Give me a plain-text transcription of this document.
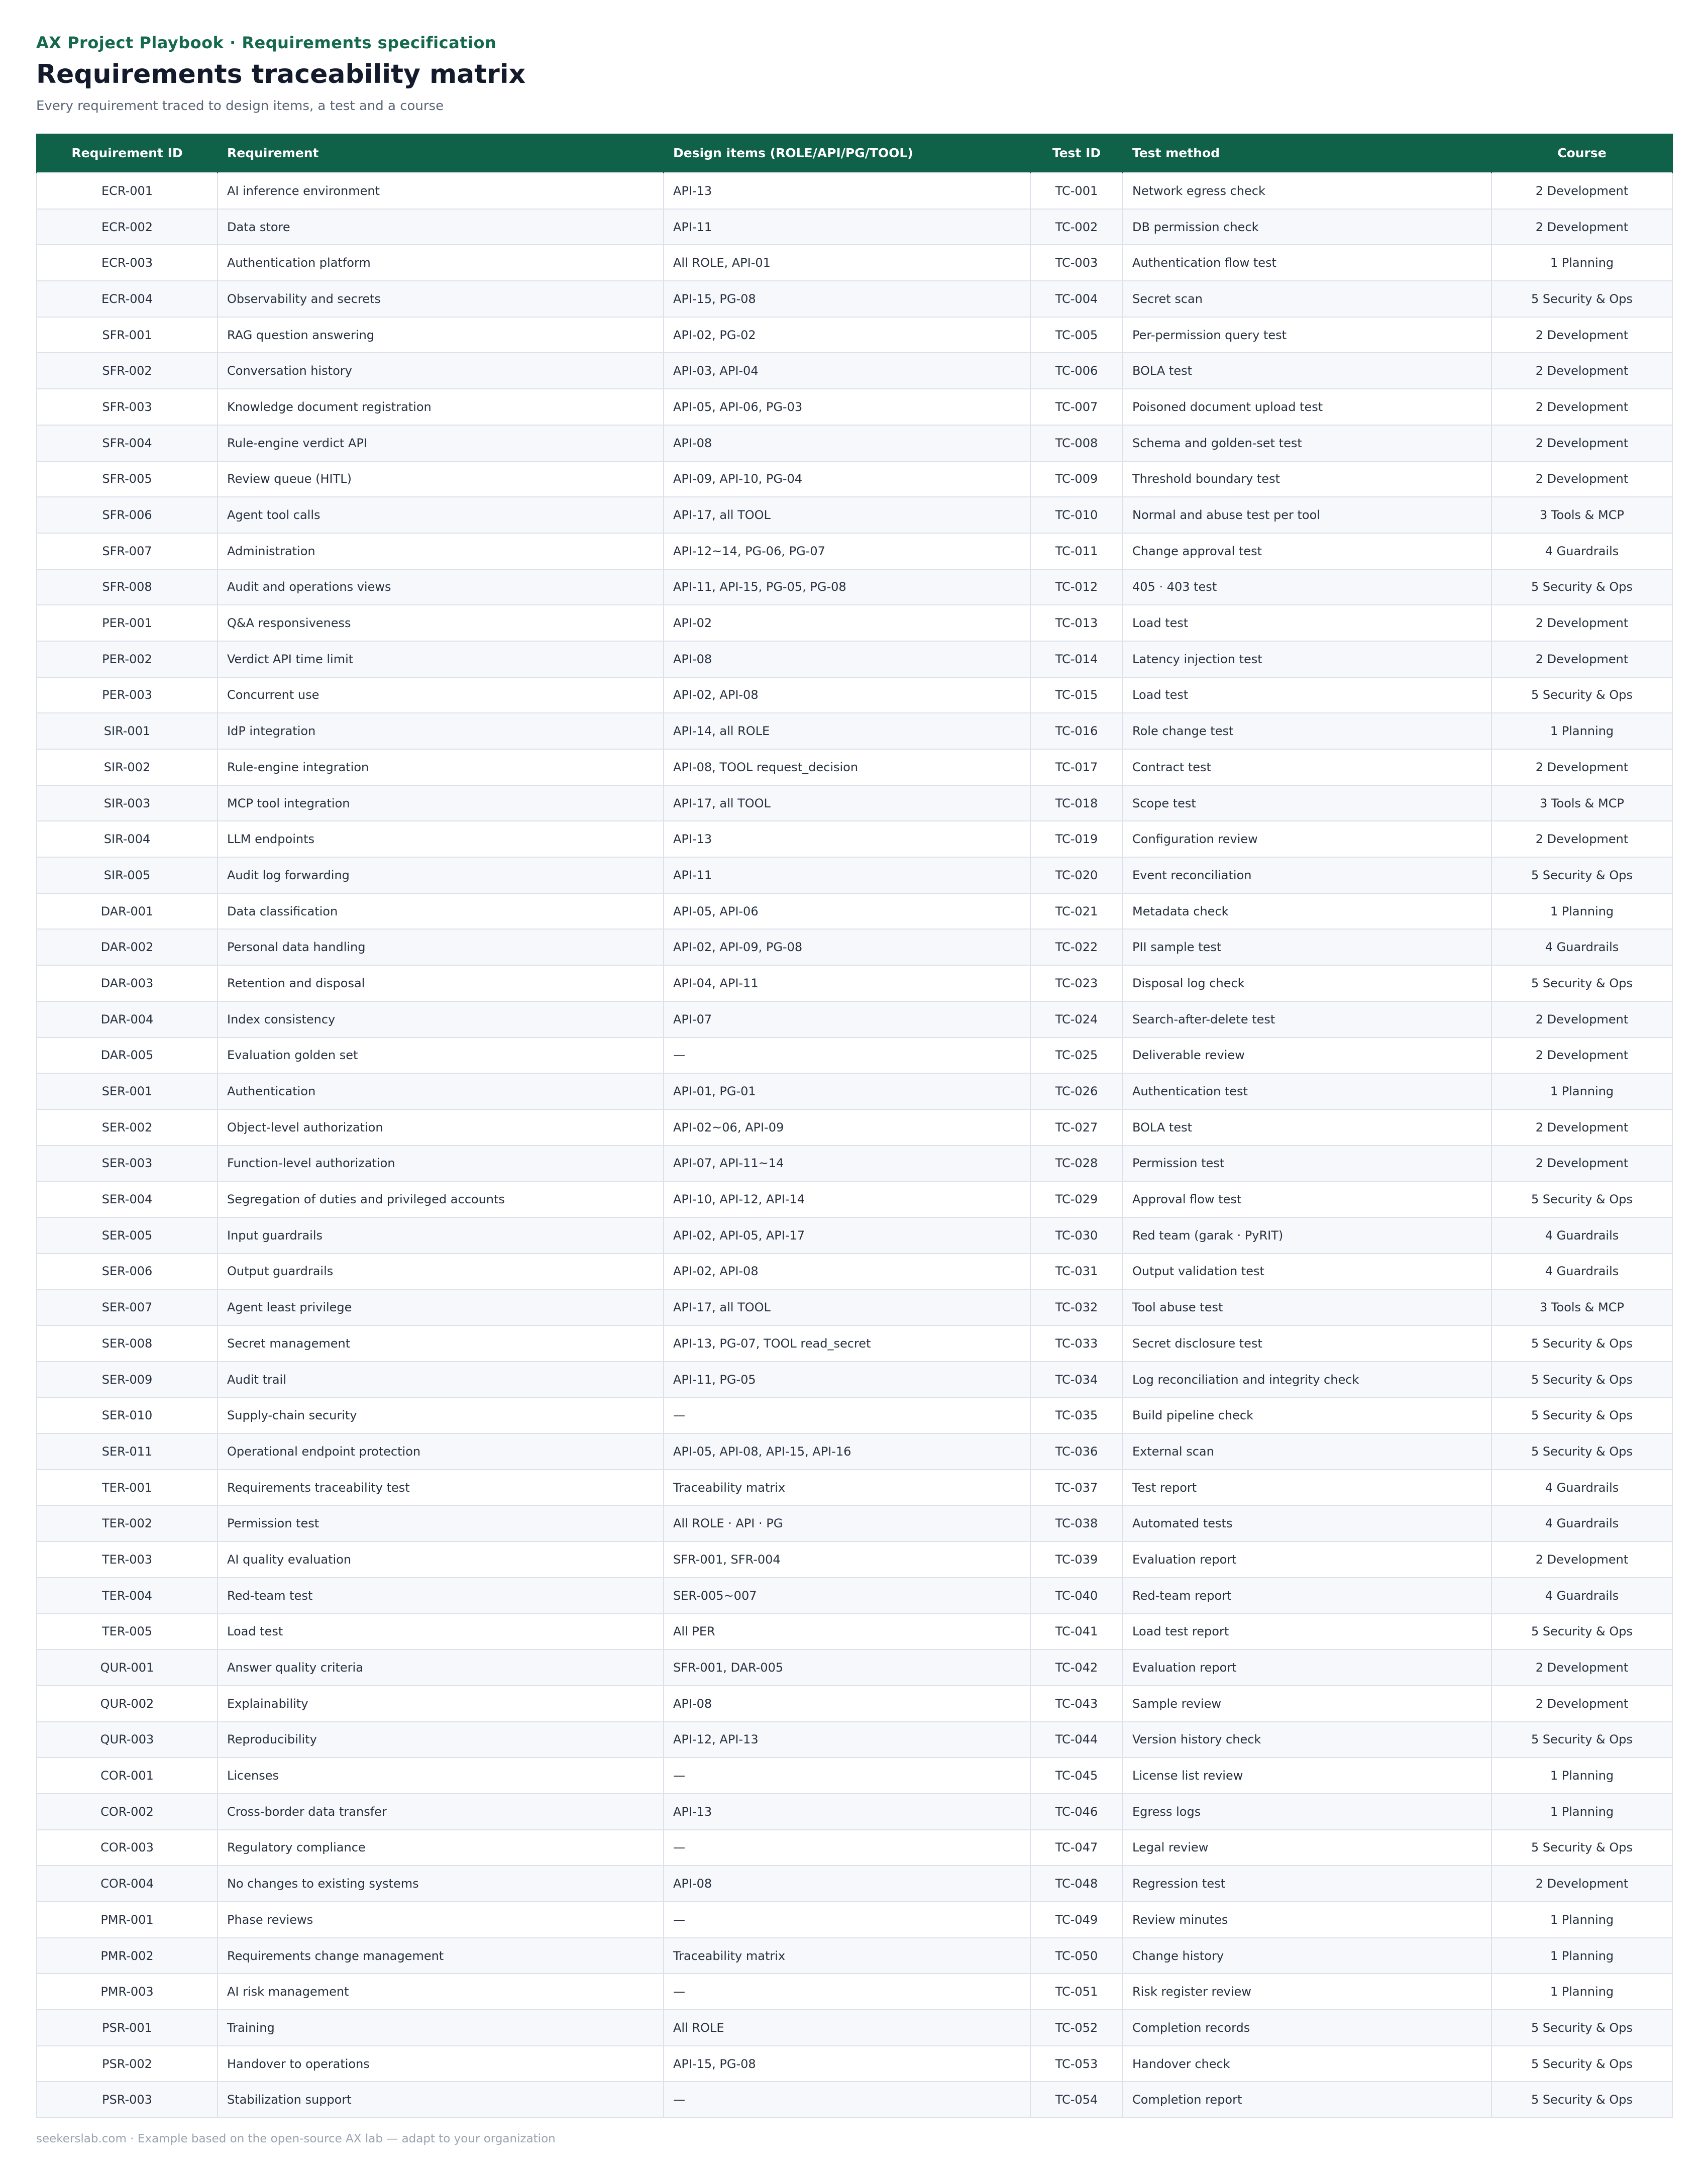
AX Project Playbook · Requirements specification
Requirements traceability matrix
Every requirement traced to design items, a test and a course
Requirement ID	Requirement	Design items (ROLE/API/PG/TOOL)	Test ID	Test method	Course
ECR-001	AI inference environment	API-13	TC-001	Network egress check	2 Development
ECR-002	Data store	API-11	TC-002	DB permission check	2 Development
ECR-003	Authentication platform	All ROLE, API-01	TC-003	Authentication flow test	1 Planning
ECR-004	Observability and secrets	API-15, PG-08	TC-004	Secret scan	5 Security & Ops
SFR-001	RAG question answering	API-02, PG-02	TC-005	Per-permission query test	2 Development
SFR-002	Conversation history	API-03, API-04	TC-006	BOLA test	2 Development
SFR-003	Knowledge document registration	API-05, API-06, PG-03	TC-007	Poisoned document upload test	2 Development
SFR-004	Rule-engine verdict API	API-08	TC-008	Schema and golden-set test	2 Development
SFR-005	Review queue (HITL)	API-09, API-10, PG-04	TC-009	Threshold boundary test	2 Development
SFR-006	Agent tool calls	API-17, all TOOL	TC-010	Normal and abuse test per tool	3 Tools & MCP
SFR-007	Administration	API-12~14, PG-06, PG-07	TC-011	Change approval test	4 Guardrails
SFR-008	Audit and operations views	API-11, API-15, PG-05, PG-08	TC-012	405 · 403 test	5 Security & Ops
PER-001	Q&A responsiveness	API-02	TC-013	Load test	2 Development
PER-002	Verdict API time limit	API-08	TC-014	Latency injection test	2 Development
PER-003	Concurrent use	API-02, API-08	TC-015	Load test	5 Security & Ops
SIR-001	IdP integration	API-14, all ROLE	TC-016	Role change test	1 Planning
SIR-002	Rule-engine integration	API-08, TOOL request_decision	TC-017	Contract test	2 Development
SIR-003	MCP tool integration	API-17, all TOOL	TC-018	Scope test	3 Tools & MCP
SIR-004	LLM endpoints	API-13	TC-019	Configuration review	2 Development
SIR-005	Audit log forwarding	API-11	TC-020	Event reconciliation	5 Security & Ops
DAR-001	Data classification	API-05, API-06	TC-021	Metadata check	1 Planning
DAR-002	Personal data handling	API-02, API-09, PG-08	TC-022	PII sample test	4 Guardrails
DAR-003	Retention and disposal	API-04, API-11	TC-023	Disposal log check	5 Security & Ops
DAR-004	Index consistency	API-07	TC-024	Search-after-delete test	2 Development
DAR-005	Evaluation golden set	—	TC-025	Deliverable review	2 Development
SER-001	Authentication	API-01, PG-01	TC-026	Authentication test	1 Planning
SER-002	Object-level authorization	API-02~06, API-09	TC-027	BOLA test	2 Development
SER-003	Function-level authorization	API-07, API-11~14	TC-028	Permission test	2 Development
SER-004	Segregation of duties and privileged accounts	API-10, API-12, API-14	TC-029	Approval flow test	5 Security & Ops
SER-005	Input guardrails	API-02, API-05, API-17	TC-030	Red team (garak · PyRIT)	4 Guardrails
SER-006	Output guardrails	API-02, API-08	TC-031	Output validation test	4 Guardrails
SER-007	Agent least privilege	API-17, all TOOL	TC-032	Tool abuse test	3 Tools & MCP
SER-008	Secret management	API-13, PG-07, TOOL read_secret	TC-033	Secret disclosure test	5 Security & Ops
SER-009	Audit trail	API-11, PG-05	TC-034	Log reconciliation and integrity check	5 Security & Ops
SER-010	Supply-chain security	—	TC-035	Build pipeline check	5 Security & Ops
SER-011	Operational endpoint protection	API-05, API-08, API-15, API-16	TC-036	External scan	5 Security & Ops
TER-001	Requirements traceability test	Traceability matrix	TC-037	Test report	4 Guardrails
TER-002	Permission test	All ROLE · API · PG	TC-038	Automated tests	4 Guardrails
TER-003	AI quality evaluation	SFR-001, SFR-004	TC-039	Evaluation report	2 Development
TER-004	Red-team test	SER-005~007	TC-040	Red-team report	4 Guardrails
TER-005	Load test	All PER	TC-041	Load test report	5 Security & Ops
QUR-001	Answer quality criteria	SFR-001, DAR-005	TC-042	Evaluation report	2 Development
QUR-002	Explainability	API-08	TC-043	Sample review	2 Development
QUR-003	Reproducibility	API-12, API-13	TC-044	Version history check	5 Security & Ops
COR-001	Licenses	—	TC-045	License list review	1 Planning
COR-002	Cross-border data transfer	API-13	TC-046	Egress logs	1 Planning
COR-003	Regulatory compliance	—	TC-047	Legal review	5 Security & Ops
COR-004	No changes to existing systems	API-08	TC-048	Regression test	2 Development
PMR-001	Phase reviews	—	TC-049	Review minutes	1 Planning
PMR-002	Requirements change management	Traceability matrix	TC-050	Change history	1 Planning
PMR-003	AI risk management	—	TC-051	Risk register review	1 Planning
PSR-001	Training	All ROLE	TC-052	Completion records	5 Security & Ops
PSR-002	Handover to operations	API-15, PG-08	TC-053	Handover check	5 Security & Ops
PSR-003	Stabilization support	—	TC-054	Completion report	5 Security & Ops
seekerslab.com · Example based on the open-source AX lab — adapt to your organization
